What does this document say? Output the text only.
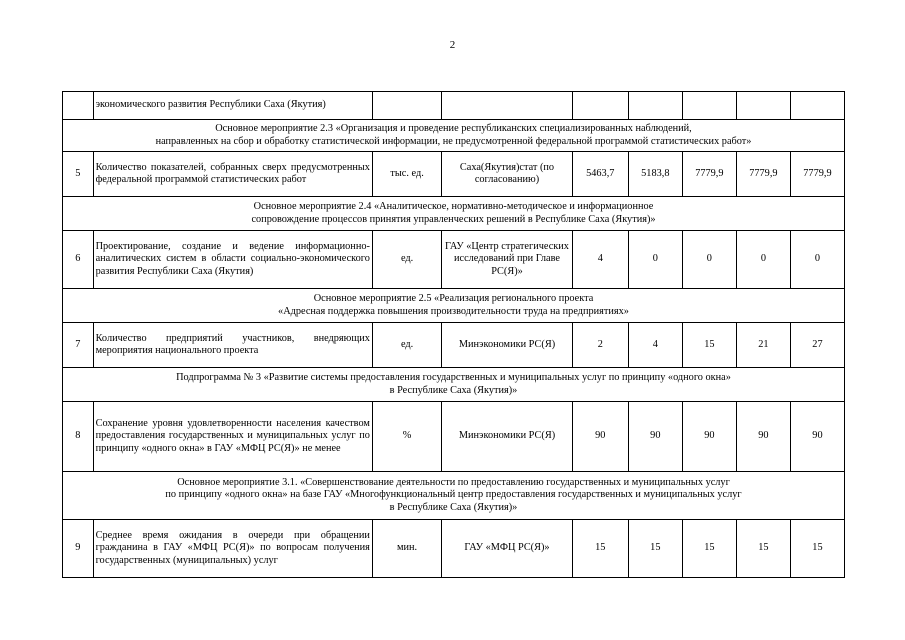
2
	экономического развития Республики Саха (Якутия)							

Основное мероприятие 2.3 «Организация и проведение республиканских специализированных наблюдений,
направленных на сбор и обработку статистической информации, не предусмотренной федеральной программой статистических работ»								

5	Количество показателей, собранных сверх предусмотренных федеральной программой статистических работ	тыс. ед.	Саха(Якутия)стат (по согласованию)	5463,7	5183,8	7779,9	7779,9	7779,9

Основное мероприятие 2.4 «Аналитическое, нормативно-методическое и информационное
сопровождение процессов принятия управленческих решений в Республике Саха (Якутия)»								

6	Проектирование, создание и ведение информационно-аналитических систем в области социально-экономического развития Республики Саха (Якутия)	ед.	ГАУ «Центр стратегических исследований при Главе РС(Я)»	4	0	0	0	0

Основное мероприятие 2.5 «Реализация регионального проекта
«Адресная поддержка повышения производительности труда на предприятиях»								

7	Количество предприятий участников, внедряющих мероприятия национального проекта	ед.	Минэкономики РС(Я)	2	4	15	21	27

Подпрограмма № 3 «Развитие системы предоставления государственных и муниципальных услуг по принципу «одного окна»
в Республике Саха (Якутия)»								

8	Сохранение уровня удовлетворенности населения качеством предоставления государственных и муниципальных услуг по принципу «одного окна» в ГАУ «МФЦ РС(Я)» не менее	%	Минэкономики РС(Я)	90	90	90	90	90

Основное мероприятие 3.1. «Совершенствование деятельности по предоставлению государственных и муниципальных услуг
по принципу «одного окна» на базе ГАУ «Многофункциональный центр предоставления государственных и муниципальных услуг
в Республике Саха (Якутия)»								

9	Среднее время ожидания в очереди при обращении гражданина в ГАУ «МФЦ РС(Я)» по вопросам получения государственных (муниципальных) услуг	мин.	ГАУ «МФЦ РС(Я)»	15	15	15	15	15
